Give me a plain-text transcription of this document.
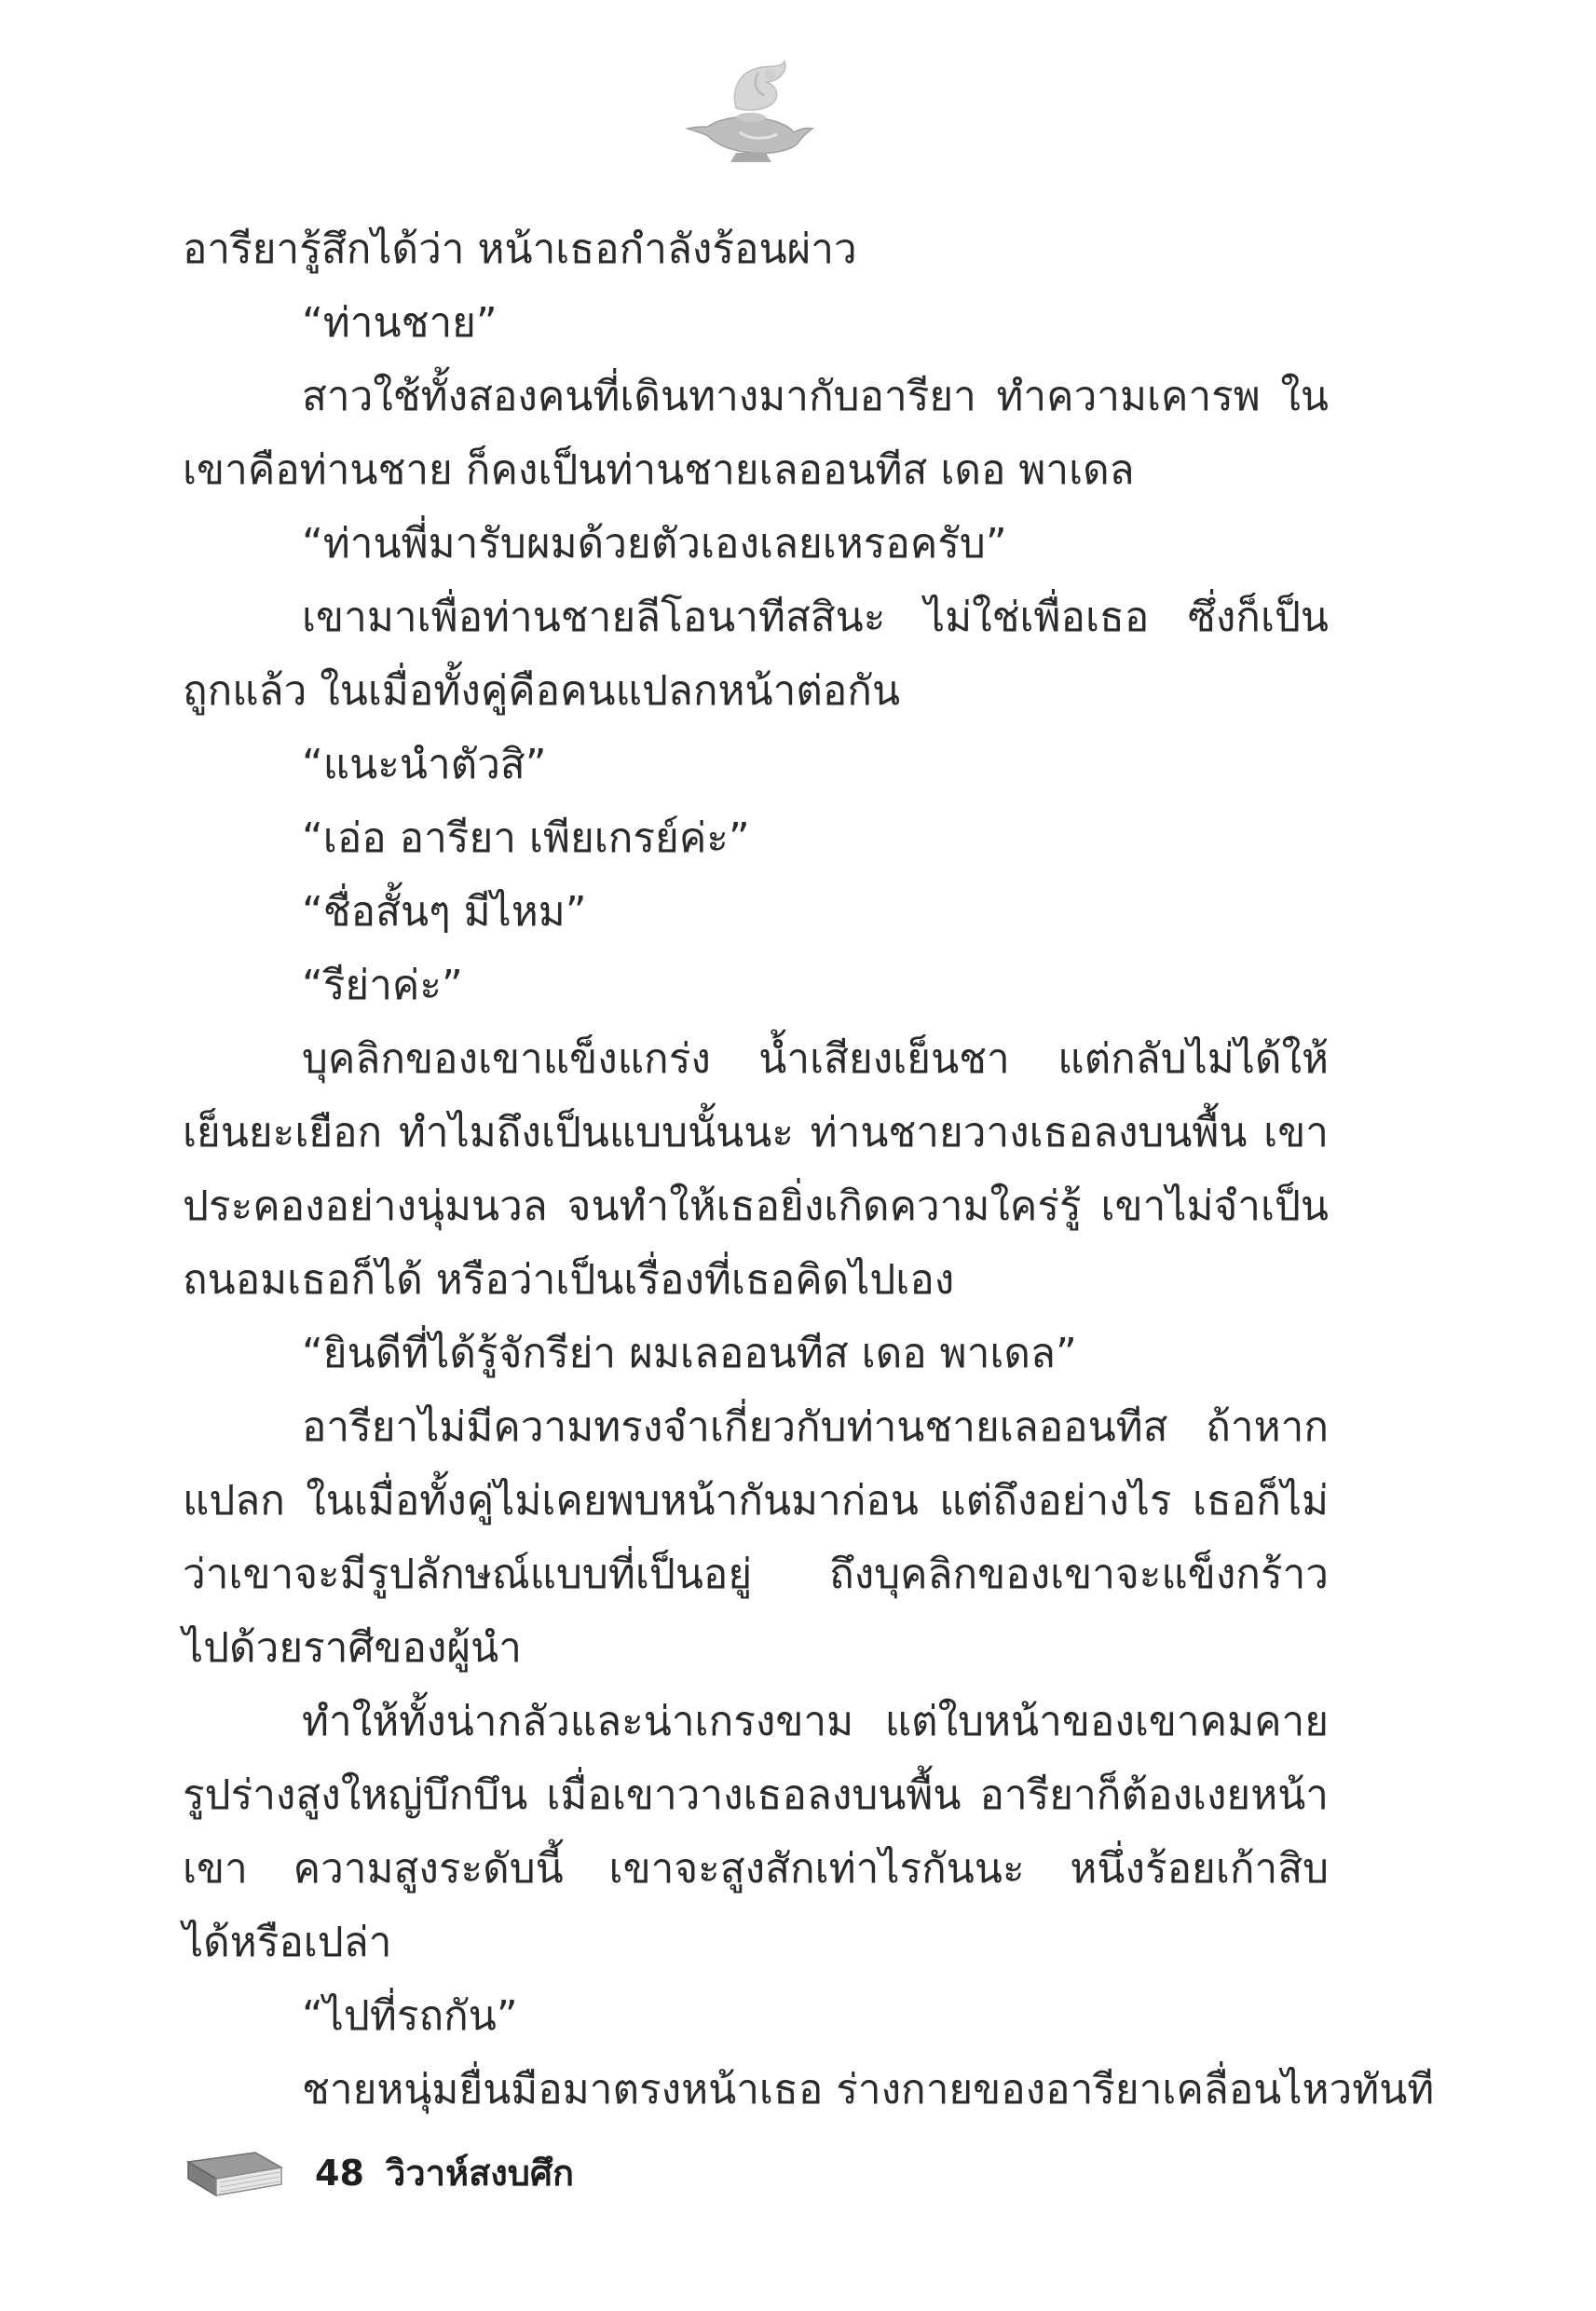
อารียารู้สึกได้ว่า หน้าเธอกำลังร้อนผ่าว
“ท่านชาย”
สาวใช้ทั้งสองคนที่เดินทางมากับอารียา ทำความเคารพ ใน
เขาคือท่านชาย ก็คงเป็นท่านชายเลออนทีส เดอ พาเดล
“ท่านพี่มารับผมด้วยตัวเองเลยเหรอครับ”
เขามาเพื่อท่านชายลีโอนาทีสสินะ ไม่ใช่เพื่อเธอ ซึ่งก็เป็น
ถูกแล้ว ในเมื่อทั้งคู่คือคนแปลกหน้าต่อกัน
“แนะนำตัวสิ”
“เอ่อ อารียา เพียเกรย์ค่ะ”
“ชื่อสั้นๆ มีไหม”
“รีย่าค่ะ”
บุคลิกของเขาแข็งแกร่ง น้ำเสียงเย็นชา แต่กลับไม่ได้ให้
เย็นยะเยือก ทำไมถึงเป็นแบบนั้นนะ ท่านชายวางเธอลงบนพื้น เขา
ประคองอย่างนุ่มนวล จนทำให้เธอยิ่งเกิดความใคร่รู้ เขาไม่จำเป็น
ถนอมเธอก็ได้ หรือว่าเป็นเรื่องที่เธอคิดไปเอง
“ยินดีที่ได้รู้จักรีย่า ผมเลออนทีส เดอ พาเดล”
อารียาไม่มีความทรงจำเกี่ยวกับท่านชายเลออนทีส ถ้าหาก
แปลก ในเมื่อทั้งคู่ไม่เคยพบหน้ากันมาก่อน แต่ถึงอย่างไร เธอก็ไม่
ว่าเขาจะมีรูปลักษณ์แบบที่เป็นอยู่ ถึงบุคลิกของเขาจะแข็งกร้าว
ไปด้วยราศีของผู้นำ
ทำให้ทั้งน่ากลัวและน่าเกรงขาม แต่ใบหน้าของเขาคมคาย
รูปร่างสูงใหญ่บึกบึน เมื่อเขาวางเธอลงบนพื้น อารียาก็ต้องเงยหน้า
เขา ความสูงระดับนี้ เขาจะสูงสักเท่าไรกันนะ หนึ่งร้อยเก้าสิบ
ได้หรือเปล่า
“ไปที่รถกัน”
ชายหนุ่มยื่นมือมาตรงหน้าเธอ ร่างกายของอารียาเคลื่อนไหวทันที
48 วิวาห์สงบศึก
